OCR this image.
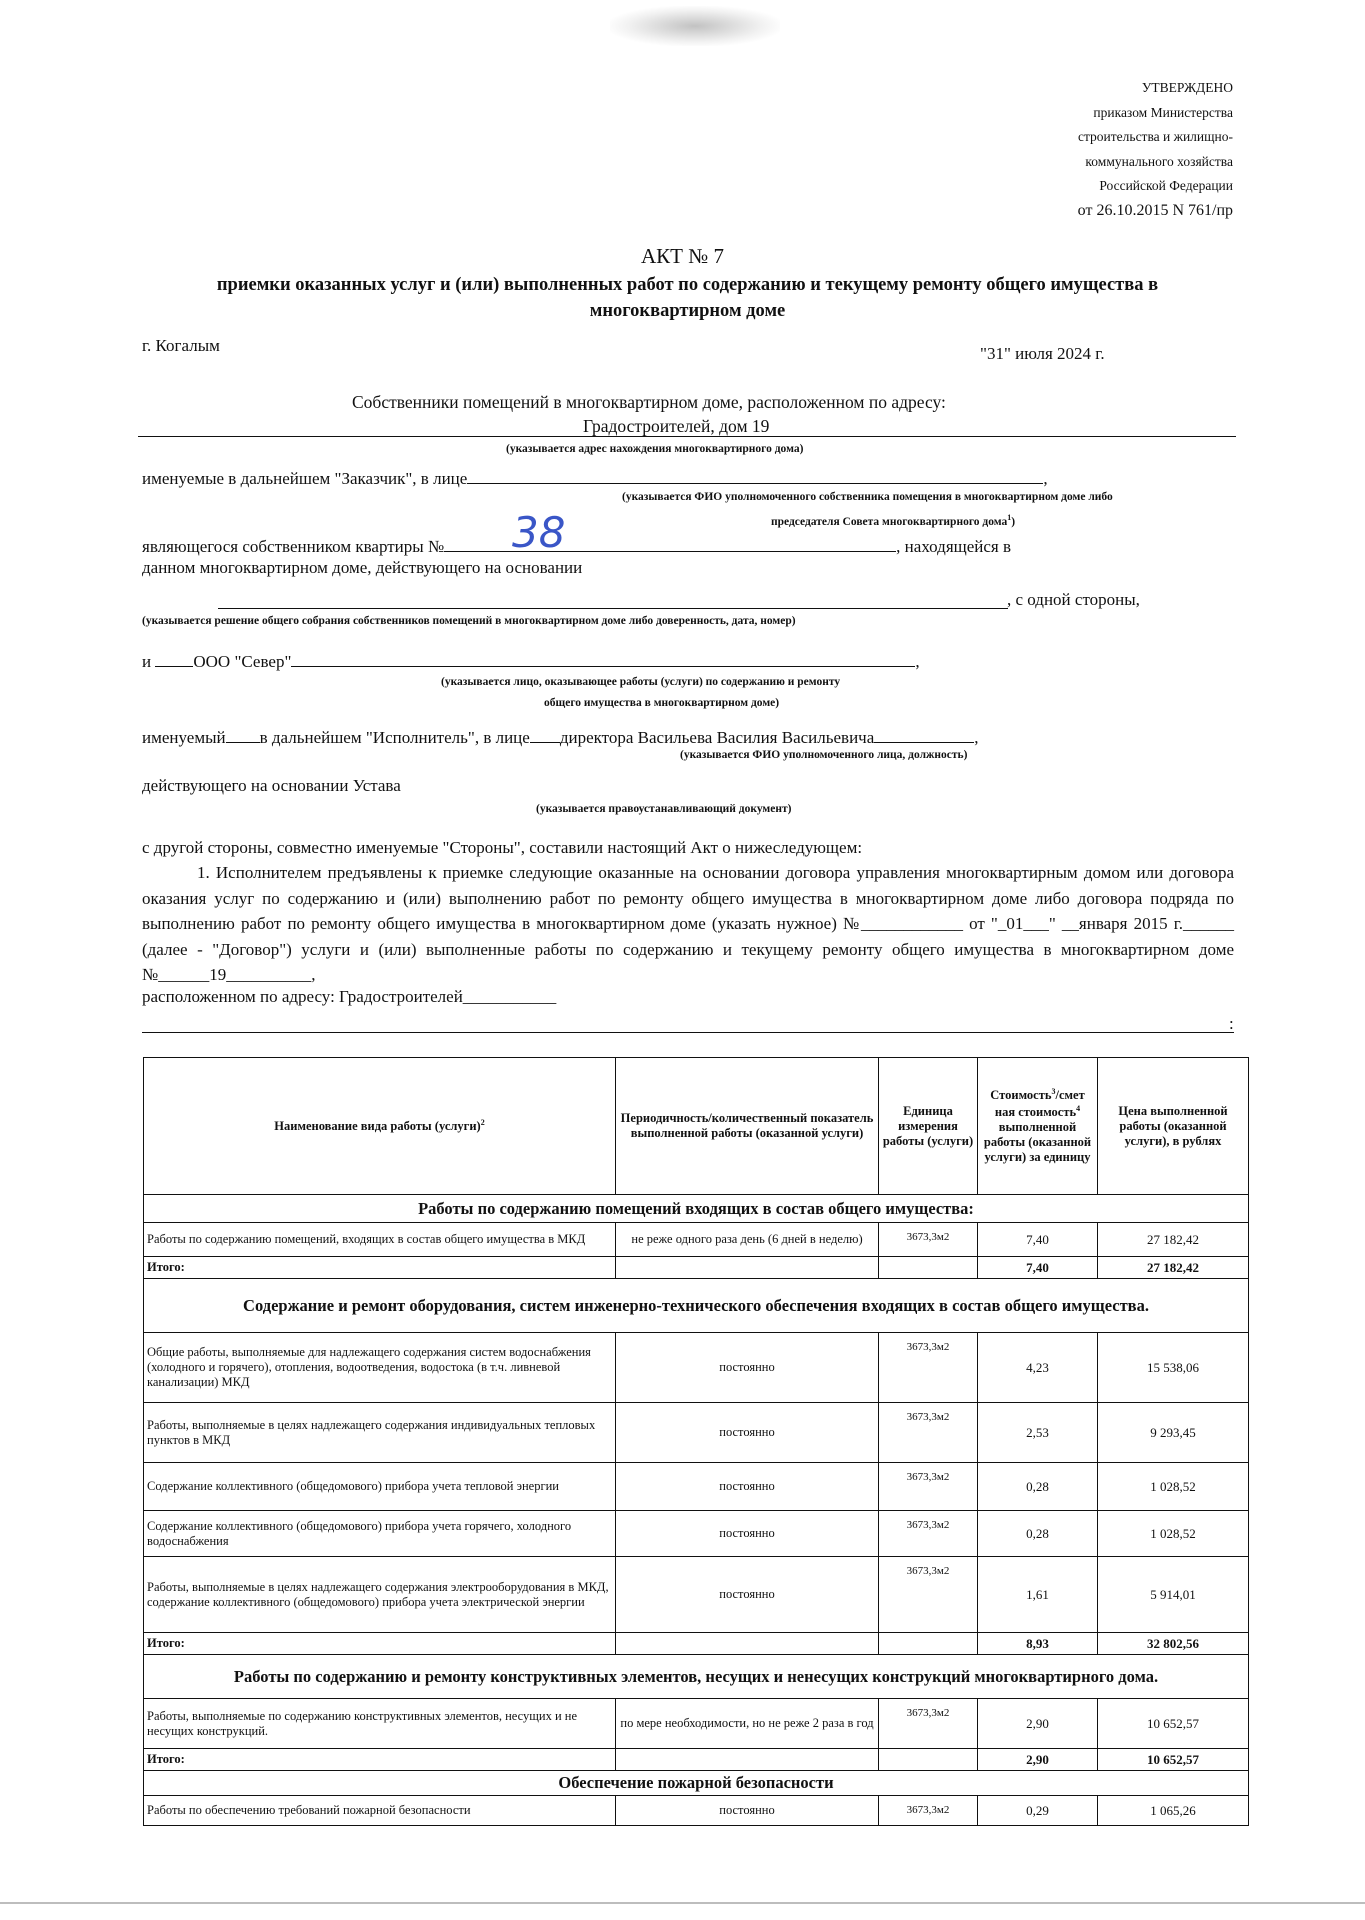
УТВЕРЖДЕНО
приказом Министерства
строительства и жилищно-
коммунального хозяйства
Российской Федерации
от 26.10.2015 N 761/пр
АКТ № 7
приемки оказанных услуг и (или) выполненных работ по содержанию и текущему ремонту общего имущества в многоквартирном доме
г. Когалым	"31" июля 2024 г.
Собственники помещений в многоквартирном доме, расположенном по адресу:
Градостроителей, дом 19
(указывается адрес нахождения многоквартирного дома)
именуемые в дальнейшем "Заказчик", в лице	,
(указывается ФИО уполномоченного собственника помещения в многоквартирном доме либо
председателя Совета многоквартирного дома$^1$)
являющегося собственником квартиры №	, находящейся в
38
данном многоквартирном доме, действующего на основании
, с одной стороны,
(указывается решение общего собрания собственников помещений в многоквартирном доме либо доверенность, дата, номер)
и ООО "Север"	,
(указывается лицо, оказывающее работы (услуги) по содержанию и ремонту
общего имущества в многоквартирном доме)
именуемый в дальнейшем "Исполнитель", в лице директора Васильева Василия Васильевича	,
(указывается ФИО уполномоченного лица, должность)
действующего на основании Устава
(указывается правоустанавливающий документ)
с другой стороны, совместно именуемые "Стороны", составили настоящий Акт о нижеследующем:
1. Исполнителем предъявлены к приемке следующие оказанные на основании договора управления многоквартирным домом или договора оказания услуг по содержанию и (или) выполнению работ по ремонту общего имущества в многоквартирном доме либо договора подряда по выполнению работ по ремонту общего имущества в многоквартирном доме (указать нужное) №____________ от "_01___" __января 2015 г.______ (далее - "Договор") услуги и (или) выполненные работы по содержанию и текущему ремонту общего имущества в многоквартирном доме №______19__________,
расположенном по адресу: Градостроителей___________
:
Наименование вида работы (услуги)$^2$	Периодичность/количественный показатель выполненной работы (оказанной услуги)	Единица измерения работы (услуги)	Стоимость$^3$/смет ная стоимость$^4$ выполненной работы (оказанной услуги) за единицу	Цена выполненной работы (оказанной услуги), в рублях
Работы по содержанию помещений входящих в состав общего имущества:				
Работы по содержанию помещений, входящих в состав общего имущества в МКД	не реже одного раза день (6 дней в неделю)	3673,3м2	7,40	27 182,42
Итого:			7,40	27 182,42
Содержание и ремонт оборудования, систем инженерно-технического обеспечения входящих в состав общего имущества.				
Общие работы, выполняемые для надлежащего содержания систем водоснабжения (холодного и горячего), отопления, водоотведения, водостока (в т.ч. ливневой канализации) МКД	постоянно	3673,3м2	4,23	15 538,06
Работы, выполняемые в целях надлежащего содержания индивидуальных тепловых пунктов в МКД	постоянно	3673,3м2	2,53	9 293,45
Содержание коллективного (общедомового) прибора учета тепловой энергии	постоянно	3673,3м2	0,28	1 028,52
Содержание коллективного (общедомового) прибора учета горячего, холодного водоснабжения	постоянно	3673,3м2	0,28	1 028,52
Работы, выполняемые в целях надлежащего содержания электрооборудования в МКД, содержание коллективного (общедомового) прибора учета электрической энергии	постоянно	3673,3м2	1,61	5 914,01
Итого:			8,93	32 802,56
Работы по содержанию и ремонту конструктивных элементов, несущих и ненесущих конструкций многоквартирного дома.				
Работы, выполняемые по содержанию конструктивных элементов, несущих и не несущих конструкций.	по мере необходимости, но не реже 2 раза в год	3673,3м2	2,90	10 652,57
Итого:			2,90	10 652,57
Обеспечение пожарной безопасности				
Работы по обеспечению требований пожарной безопасности	постоянно	3673,3м2	0,29	1 065,26
